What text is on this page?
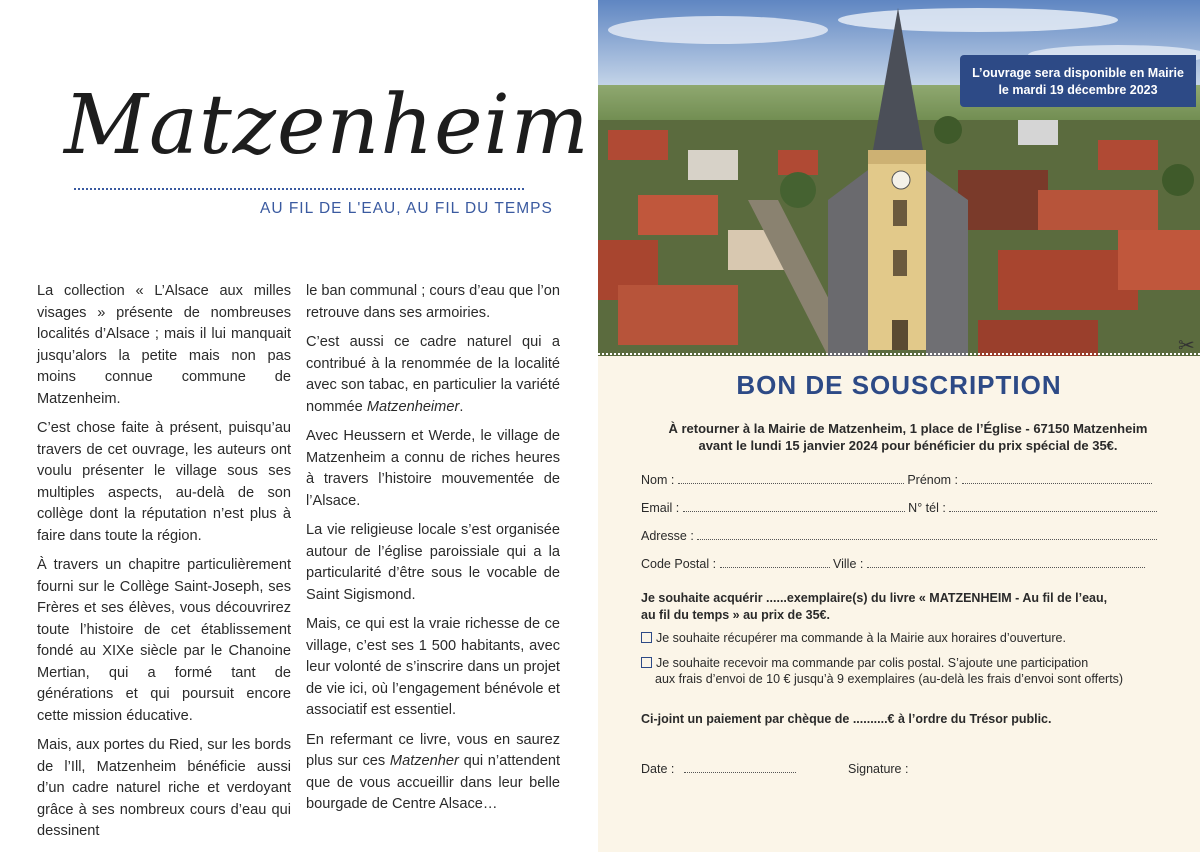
Matzenheim
AU FIL DE L'EAU, AU FIL DU TEMPS

La collection « L’Alsace aux milles visages » présente de nombreuses localités d’Alsace ; mais il lui manquait jusqu’alors la petite mais non pas moins connue commune de Matzenheim.

C’est chose faite à présent, puisqu’au travers de cet ouvrage, les auteurs ont voulu présenter le village sous ses multiples aspects, au-delà de son collège dont la réputation n’est plus à faire dans toute la région.

À travers un chapitre particulièrement fourni sur le Collège Saint-Joseph, ses Frères et ses élèves, vous découvrirez toute l’histoire de cet établissement fondé au XIXe siècle par le Chanoine Mertian, qui a formé tant de générations et qui poursuit encore cette mission éducative.

Mais, aux portes du Ried, sur les bords de l’Ill, Matzenheim bénéficie aussi d’un cadre naturel riche et verdoyant grâce à ses nombreux cours d’eau qui dessinent

le ban communal ; cours d’eau que l’on retrouve dans ses armoiries.

C’est aussi ce cadre naturel qui a contribué à la renommée de la localité avec son tabac, en particulier la variété nommée Matzenheimer.

Avec Heussern et Werde, le village de Matzenheim a connu de riches heures à travers l’histoire mouvementée de l’Alsace.

La vie religieuse locale s’est organisée autour de l’église paroissiale qui a la particularité d’être sous le vocable de Saint Sigismond.

Mais, ce qui est la vraie richesse de ce village, c’est ses 1 500 habitants, avec leur volonté de s’inscrire dans un projet de vie ici, où l’engagement bénévole et associatif est essentiel.

En refermant ce livre, vous en saurez plus sur ces Matzenher qui n’attendent que de vous accueillir dans leur belle bourgade de Centre Alsace…

L’ouvrage sera disponible en Mairie
le mardi 19 décembre 2023
✂
BON DE SOUSCRIPTION
À retourner à la Mairie de Matzenheim, 1 place de l’Église - 67150 Matzenheim
avant le lundi 15 janvier 2024 pour bénéficier du prix spécial de 35€.
Nom :	Prénom :
Email :	N° tél :
Adresse :
Code Postal :	Ville :
Je souhaite acquérir ......exemplaire(s) du livre « MATZENHEIM - Au fil de l’eau,
au fil du temps » au prix de 35€.
Je souhaite récupérer ma commande à la Mairie aux horaires d’ouverture.
Je souhaite recevoir ma commande par colis postal. S’ajoute une participation
aux frais d’envoi de 10 € jusqu’à 9 exemplaires (au-delà les frais d’envoi sont offerts)
Ci-joint un paiement par chèque de ..........€ à l’ordre du Trésor public.
Date :	Signature :
